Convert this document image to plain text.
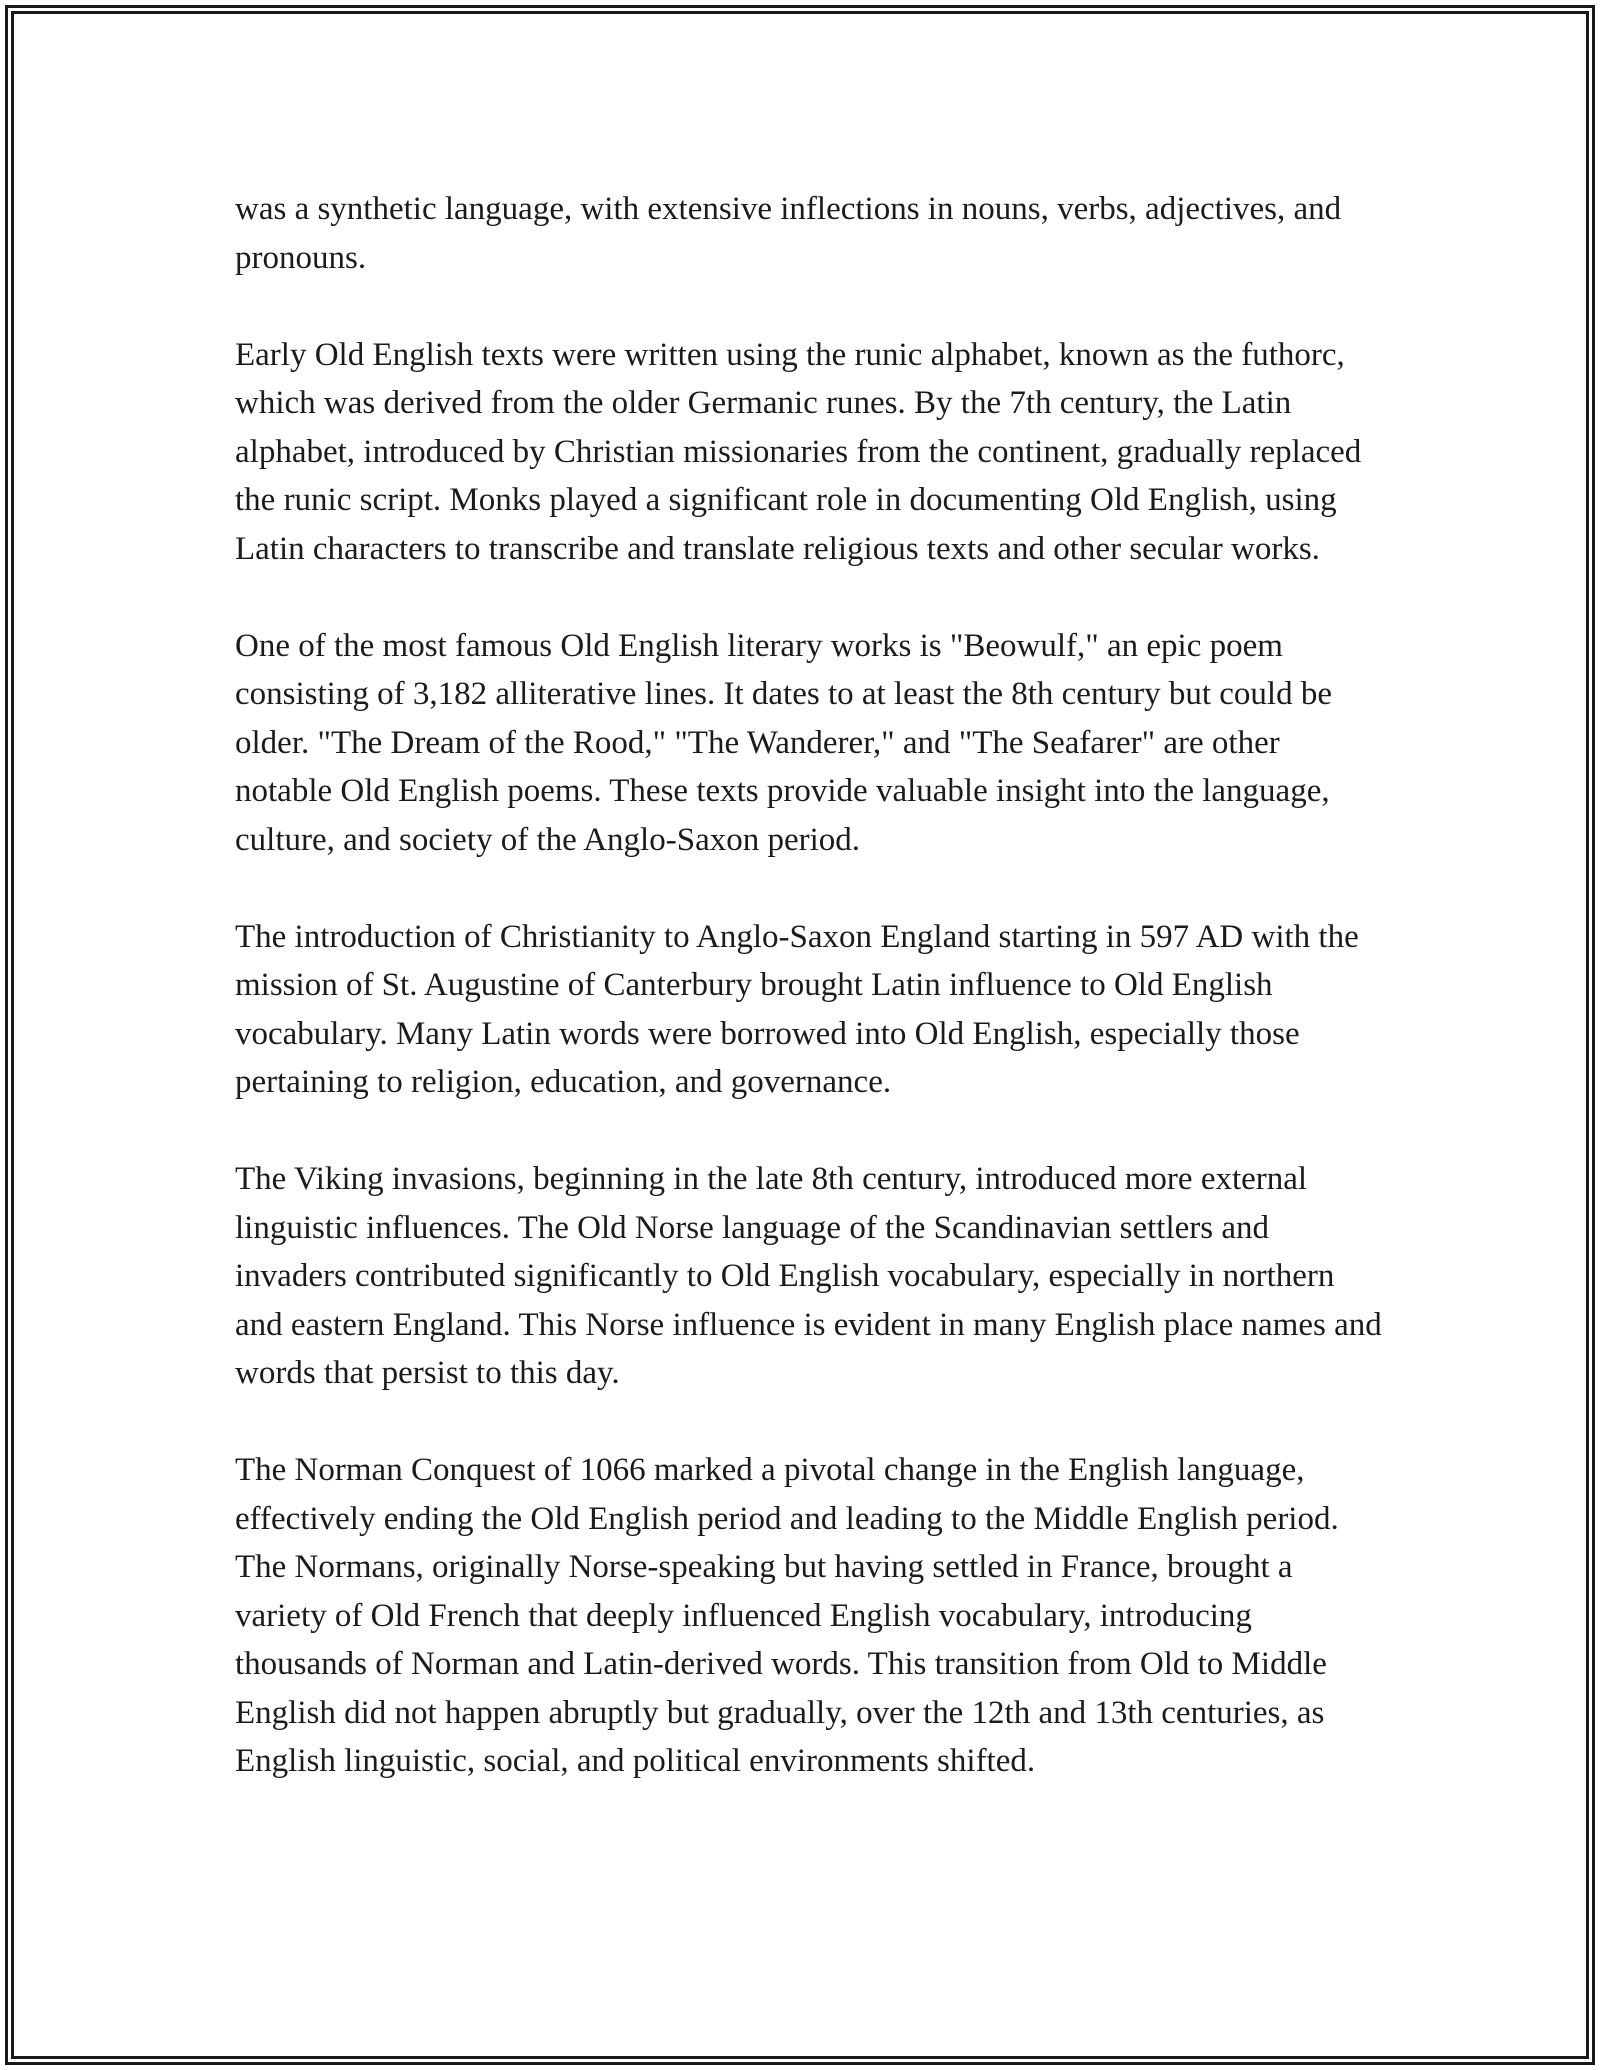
was a synthetic language, with extensive inflections in nouns, verbs, adjectives, and pronouns.

Early Old English texts were written using the runic alphabet, known as the futhorc, which was derived from the older Germanic runes. By the 7th century, the Latin alphabet, introduced by Christian missionaries from the continent, gradually replaced the runic script. Monks played a significant role in documenting Old English, using Latin characters to transcribe and translate religious texts and other secular works.

One of the most famous Old English literary works is "Beowulf," an epic poem consisting of 3,182 alliterative lines. It dates to at least the 8th century but could be older. "The Dream of the Rood," "The Wanderer," and "The Seafarer" are other notable Old English poems. These texts provide valuable insight into the language, culture, and society of the Anglo-Saxon period.

The introduction of Christianity to Anglo-Saxon England starting in 597 AD with the mission of St. Augustine of Canterbury brought Latin influence to Old English vocabulary. Many Latin words were borrowed into Old English, especially those pertaining to religion, education, and governance.

The Viking invasions, beginning in the late 8th century, introduced more external linguistic influences. The Old Norse language of the Scandinavian settlers and invaders contributed significantly to Old English vocabulary, especially in northern and eastern England. This Norse influence is evident in many English place names and words that persist to this day.

The Norman Conquest of 1066 marked a pivotal change in the English language, effectively ending the Old English period and leading to the Middle English period. The Normans, originally Norse-speaking but having settled in France, brought a variety of Old French that deeply influenced English vocabulary, introducing thousands of Norman and Latin-derived words. This transition from Old to Middle English did not happen abruptly but gradually, over the 12th and 13th centuries, as English linguistic, social, and political environments shifted.
